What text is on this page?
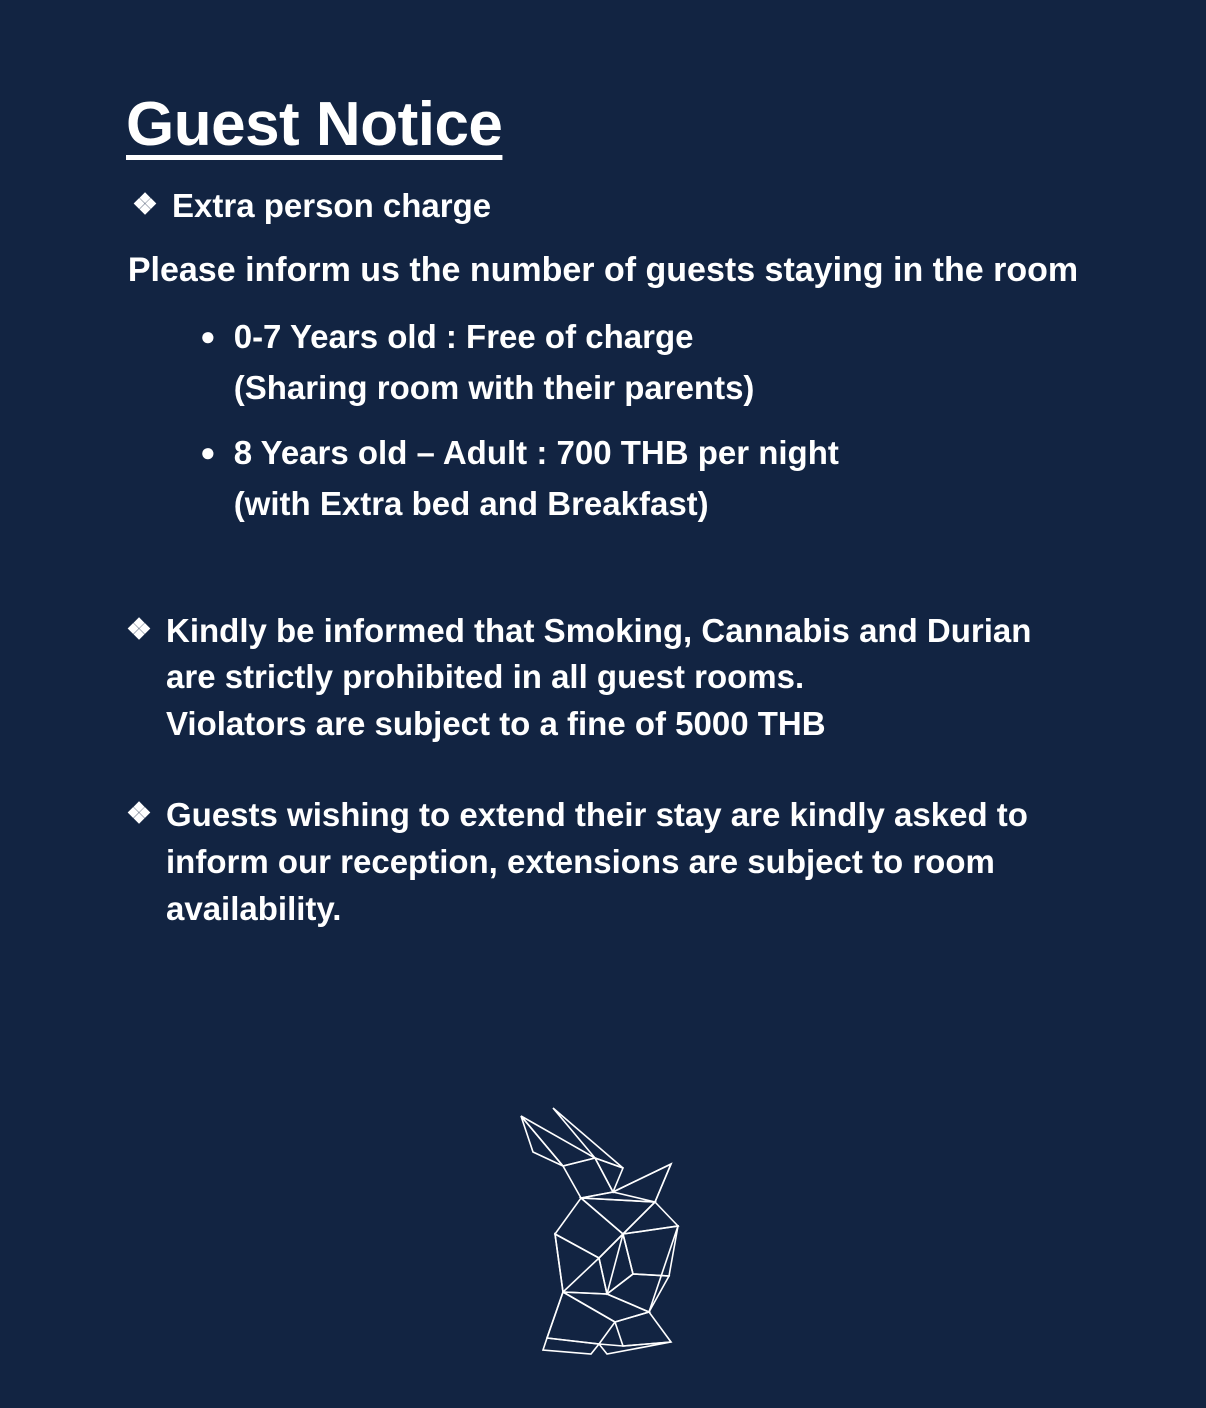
Guest Notice
❖ Extra person charge
Please inform us the number of guests staying in the room
● 0-7 Years old : Free of charge
(Sharing room with their parents)
● 8 Years old – Adult : 700 THB per night
(with Extra bed and Breakfast)
❖ Kindly be informed that Smoking, Cannabis and Durian
are strictly prohibited in all guest rooms.
Violators are subject to a fine of 5000 THB
❖ Guests wishing to extend their stay are kindly asked to
inform our reception, extensions are subject to room
availability.
